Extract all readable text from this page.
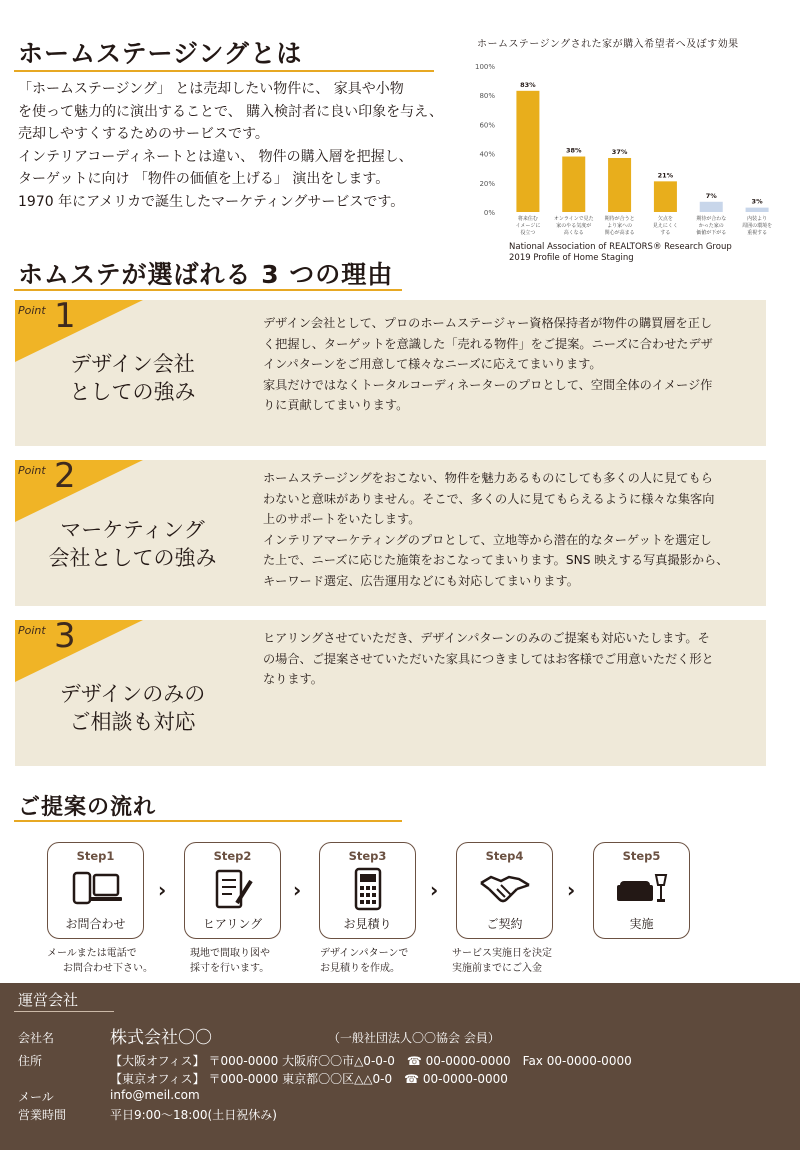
ホームステージングとは

「ホームステージング」 とは売却したい物件に、 家具や小物

を使って魅力的に演出することで、 購入検討者に良い印象を与え、

売却しやすくするためのサービスです。

インテリアコーディネートとは違い、 物件の購入層を把握し、

ターゲットに向け 「物件の価値を上げる」 演出をします。

1970 年にアメリカで誕生したマーケティングサービスです。

ホームステージングされた家が購入希望者へ及ぼす効果
0%
20%
40%
60%
80%
100%
83%
将来住む
イメージに
役立つ
38%
オンラインで見た
家のやる気度が
高くなる
37%
期待が合うと
より家への
関心が高まる
21%
欠点を
見えにくく
する
7%
期待が合わな
かった家の
価値が下がる
3%
内装より
周囲の環境を
重視する
National Association of REALTORS® Research Group
2019 Profile of Home Staging
ホムステが選ばれる 3 つの理由
Point 1
デザイン会社
としての強み

デザイン会社として、プロのホームステージャー資格保持者が物件の購買層を正し

く把握し、ターゲットを意識した「売れる物件」をご提案。ニーズに合わせたデザ

インパターンをご用意して様々なニーズに応えてまいります。

家具だけではなくトータルコーディネーターのプロとして、空間全体のイメージ作

りに貢献してまいります。

Point 2
マーケティング
会社としての強み

ホームステージングをおこない、物件を魅力あるものにしても多くの人に見てもら

わないと意味がありません。そこで、多くの人に見てもらえるように様々な集客向

上のサポートをいたします。

インテリアマーケティングのプロとして、立地等から潜在的なターゲットを選定し

た上で、ニーズに応じた施策をおこなってまいります。SNS 映えする写真撮影から、

キーワード選定、広告運用などにも対応してまいります。

Point 3
デザインのみの
ご相談も対応

ヒアリングさせていただき、デザインパターンのみのご提案も対応いたします。そ

の場合、ご提案させていただいた家具につきましてはお客様でご用意いただく形と

なります。

ご提案の流れ
Step1
お問合わせ
›
Step2
ヒアリング
›
Step3
お見積り
›
Step4
ご契約
›
Step5
実施
メールまたは電話で
お問合わせ下さい。
現地で間取り図や
採寸を行います。
デザインパターンで
お見積りを作成。
サービス実施日を決定
実施前までにご入金
運営会社
会社名	株式会社〇〇	（一般社団法人〇〇協会 会員）
住所	【大阪オフィス】 〒000-0000 大阪府〇〇市△0-0-0　☎ 00-0000-0000　Fax 00-0000-0000
【東京オフィス】 〒000-0000 東京都〇〇区△△0-0　☎ 00-0000-0000
メール	info@meil.com
営業時間	平日9:00～18:00(土日祝休み)
